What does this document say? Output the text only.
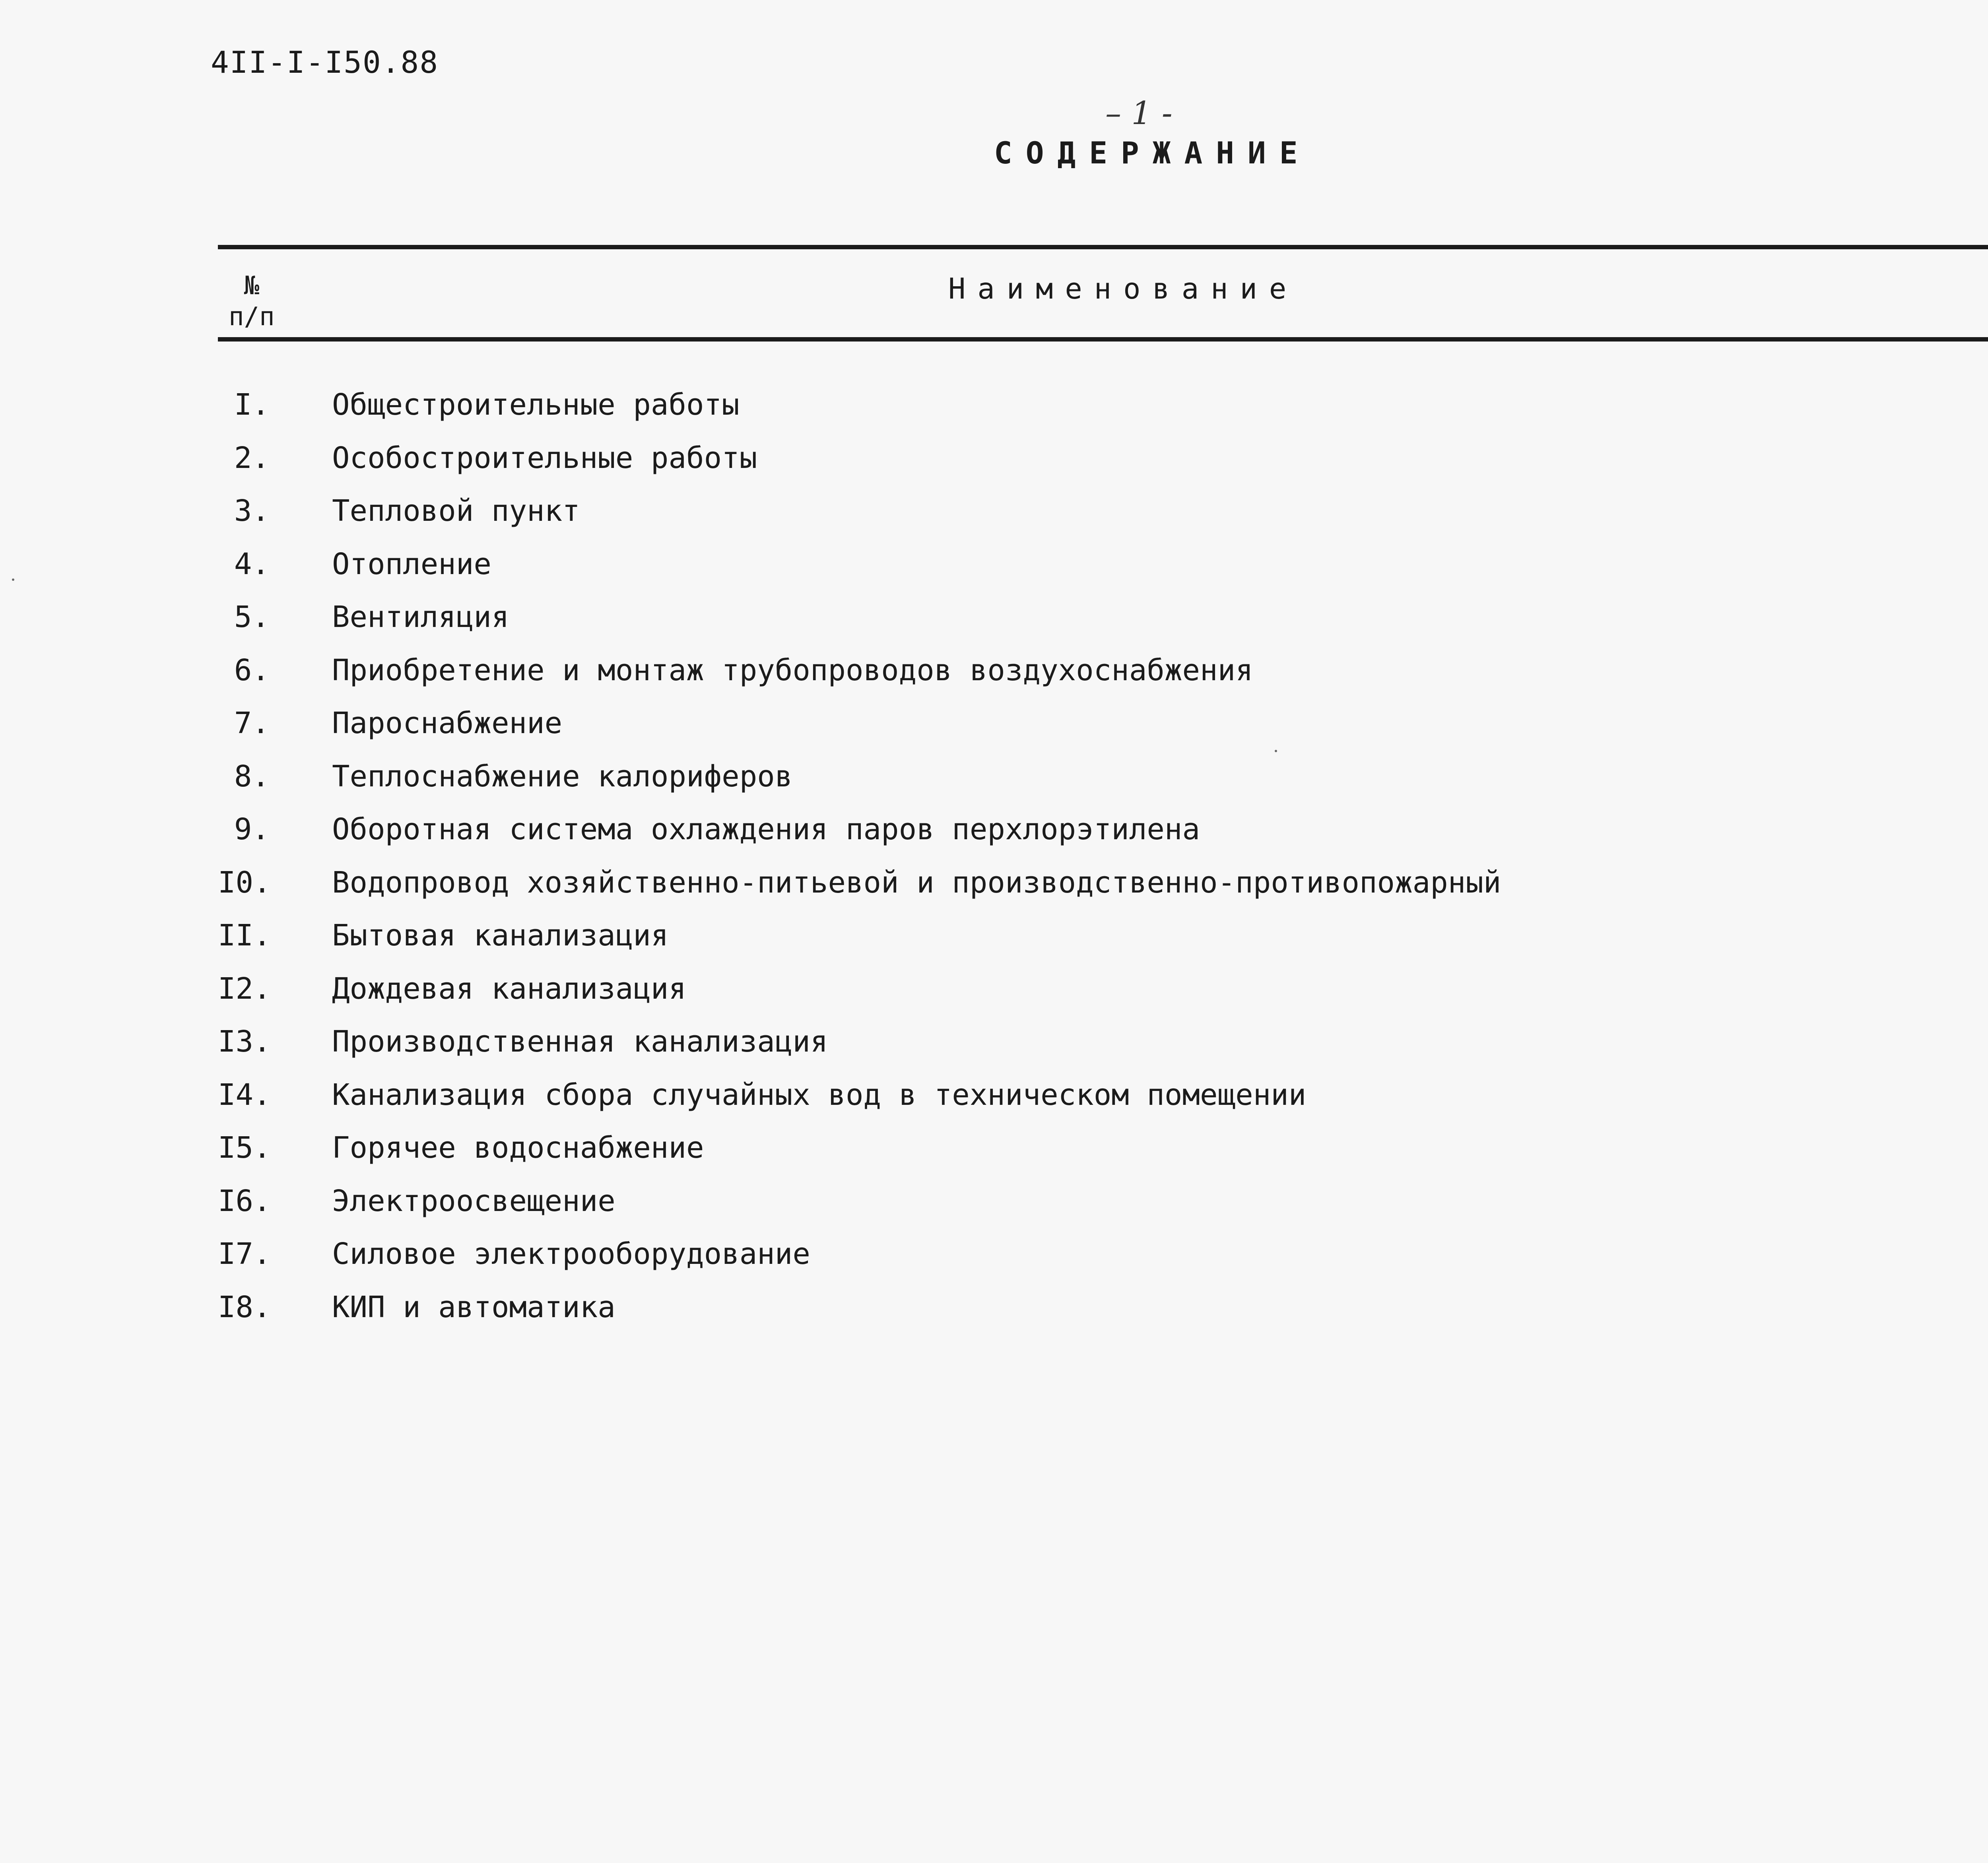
4II-I-I50.88
– 1 -
СОДЕРЖАНИЕ
№
п/п
Наименование
I. Общестроительные работы
2. Особостроительные работы
3. Тепловой пункт
4. Отопление
5. Вентиляция
6. Приобретение и монтаж трубопроводов воздухоснабжения
7. Пароснабжение
8. Теплоснабжение калориферов
9. Оборотная система охлаждения паров перхлорэтилена
I0. Водопровод хозяйственно-питьевой и производственно-противопожарный
II. Бытовая канализация
I2. Дождевая канализация
I3. Производственная канализация
I4. Канализация сбора случайных вод в техническом помещении
I5. Горячее водоснабжение
I6. Электроосвещение
I7. Силовое электрооборудование
I8. КИП и автоматика
